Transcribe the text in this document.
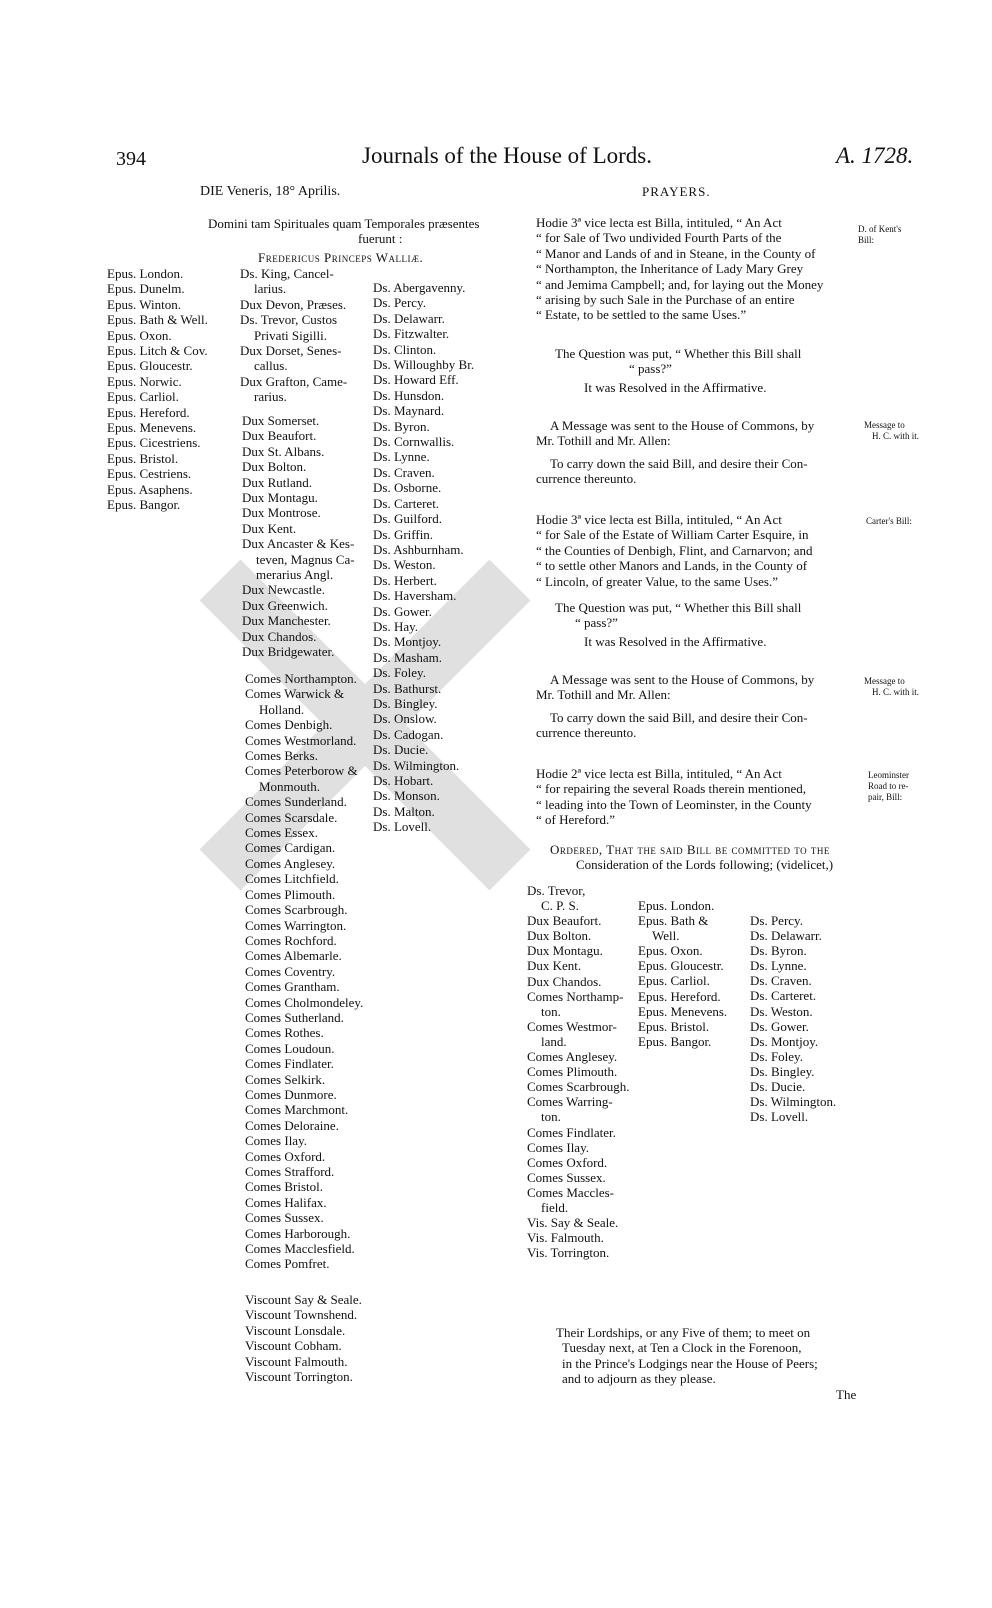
394	Journals of the House of Lords.	A. 1728.
DIE Veneris, 18° Aprilis.
Domini tam Spirituales quam Temporales præsentes
fuerunt :
Fredericus Princeps Walliæ.
Epus. London.
Epus. Dunelm.
Epus. Winton.
Epus. Bath & Well.
Epus. Oxon.
Epus. Litch & Cov.
Epus. Gloucestr.
Epus. Norwic.
Epus. Carliol.
Epus. Hereford.
Epus. Menevens.
Epus. Cicestriens.
Epus. Bristol.
Epus. Cestriens.
Epus. Asaphens.
Epus. Bangor.
Ds. King, Cancel-
larius.
Dux Devon, Præses.
Ds. Trevor, Custos
Privati Sigilli.
Dux Dorset, Senes-
callus.
Dux Grafton, Came-
rarius.
Dux Somerset.
Dux Beaufort.
Dux St. Albans.
Dux Bolton.
Dux Rutland.
Dux Montagu.
Dux Montrose.
Dux Kent.
Dux Ancaster & Kes-
teven, Magnus Ca-
merarius Angl.
Dux Newcastle.
Dux Greenwich.
Dux Manchester.
Dux Chandos.
Dux Bridgewater.
Comes Northampton.
Comes Warwick &
Holland.
Comes Denbigh.
Comes Westmorland.
Comes Berks.
Comes Peterborow &
Monmouth.
Comes Sunderland.
Comes Scarsdale.
Comes Essex.
Comes Cardigan.
Comes Anglesey.
Comes Litchfield.
Comes Plimouth.
Comes Scarbrough.
Comes Warrington.
Comes Rochford.
Comes Albemarle.
Comes Coventry.
Comes Grantham.
Comes Cholmondeley.
Comes Sutherland.
Comes Rothes.
Comes Loudoun.
Comes Findlater.
Comes Selkirk.
Comes Dunmore.
Comes Marchmont.
Comes Deloraine.
Comes Ilay.
Comes Oxford.
Comes Strafford.
Comes Bristol.
Comes Halifax.
Comes Sussex.
Comes Harborough.
Comes Macclesfield.
Comes Pomfret.
Viscount Say & Seale.
Viscount Townshend.
Viscount Lonsdale.
Viscount Cobham.
Viscount Falmouth.
Viscount Torrington.
Ds. Abergavenny.
Ds. Percy.
Ds. Delawarr.
Ds. Fitzwalter.
Ds. Clinton.
Ds. Willoughby Br.
Ds. Howard Eff.
Ds. Hunsdon.
Ds. Maynard.
Ds. Byron.
Ds. Cornwallis.
Ds. Lynne.
Ds. Craven.
Ds. Osborne.
Ds. Carteret.
Ds. Guilford.
Ds. Griffin.
Ds. Ashburnham.
Ds. Weston.
Ds. Herbert.
Ds. Haversham.
Ds. Gower.
Ds. Hay.
Ds. Montjoy.
Ds. Masham.
Ds. Foley.
Ds. Bathurst.
Ds. Bingley.
Ds. Onslow.
Ds. Cadogan.
Ds. Ducie.
Ds. Wilmington.
Ds. Hobart.
Ds. Monson.
Ds. Malton.
Ds. Lovell.
PRAYERS.
Hodie 3ª vice lecta est Billa, intituled, “ An Act
“ for Sale of Two undivided Fourth Parts of the
“ Manor and Lands of and in Steane, in the County of
“ Northampton, the Inheritance of Lady Mary Grey
“ and Jemima Campbell; and, for laying out the Money
“ arising by such Sale in the Purchase of an entire
“ Estate, to be settled to the same Uses.”
The Question was put, “ Whether this Bill shall
“ pass?”
It was Resolved in the Affirmative.
A Message was sent to the House of Commons, by
Mr. Tothill and Mr. Allen:
To carry down the said Bill, and desire their Con-
currence thereunto.
Hodie 3ª vice lecta est Billa, intituled, “ An Act
“ for Sale of the Estate of William Carter Esquire, in
“ the Counties of Denbigh, Flint, and Carnarvon; and
“ to settle other Manors and Lands, in the County of
“ Lincoln, of greater Value, to the same Uses.”
The Question was put, “ Whether this Bill shall
“ pass?”
It was Resolved in the Affirmative.
A Message was sent to the House of Commons, by
Mr. Tothill and Mr. Allen:
To carry down the said Bill, and desire their Con-
currence thereunto.
Hodie 2ª vice lecta est Billa, intituled, “ An Act
“ for repairing the several Roads therein mentioned,
“ leading into the Town of Leominster, in the County
“ of Hereford.”
Ordered, That the said Bill be committed to the
Consideration of the Lords following; (videlicet,)
Ds. Trevor,
C. P. S.
Dux Beaufort.
Dux Bolton.
Dux Montagu.
Dux Kent.
Dux Chandos.
Comes Northamp-
ton.
Comes Westmor-
land.
Comes Anglesey.
Comes Plimouth.
Comes Scarbrough.
Comes Warring-
ton.
Comes Findlater.
Comes Ilay.
Comes Oxford.
Comes Sussex.
Comes Maccles-
field.
Vis. Say & Seale.
Vis. Falmouth.
Vis. Torrington.
Epus. London.
Epus. Bath &
Well.
Epus. Oxon.
Epus. Gloucestr.
Epus. Carliol.
Epus. Hereford.
Epus. Menevens.
Epus. Bristol.
Epus. Bangor.
Ds. Percy.
Ds. Delawarr.
Ds. Byron.
Ds. Lynne.
Ds. Craven.
Ds. Carteret.
Ds. Weston.
Ds. Gower.
Ds. Montjoy.
Ds. Foley.
Ds. Bingley.
Ds. Ducie.
Ds. Wilmington.
Ds. Lovell.
Their Lordships, or any Five of them; to meet on
Tuesday next, at Ten a Clock in the Forenoon,
in the Prince's Lodgings near the House of Peers;
and to adjourn as they please.
The
D. of Kent's
Bill:
Message to
H. C. with it.
Carter's Bill:
Message to
H. C. with it.
Leominster
Road to re-
pair, Bill:
